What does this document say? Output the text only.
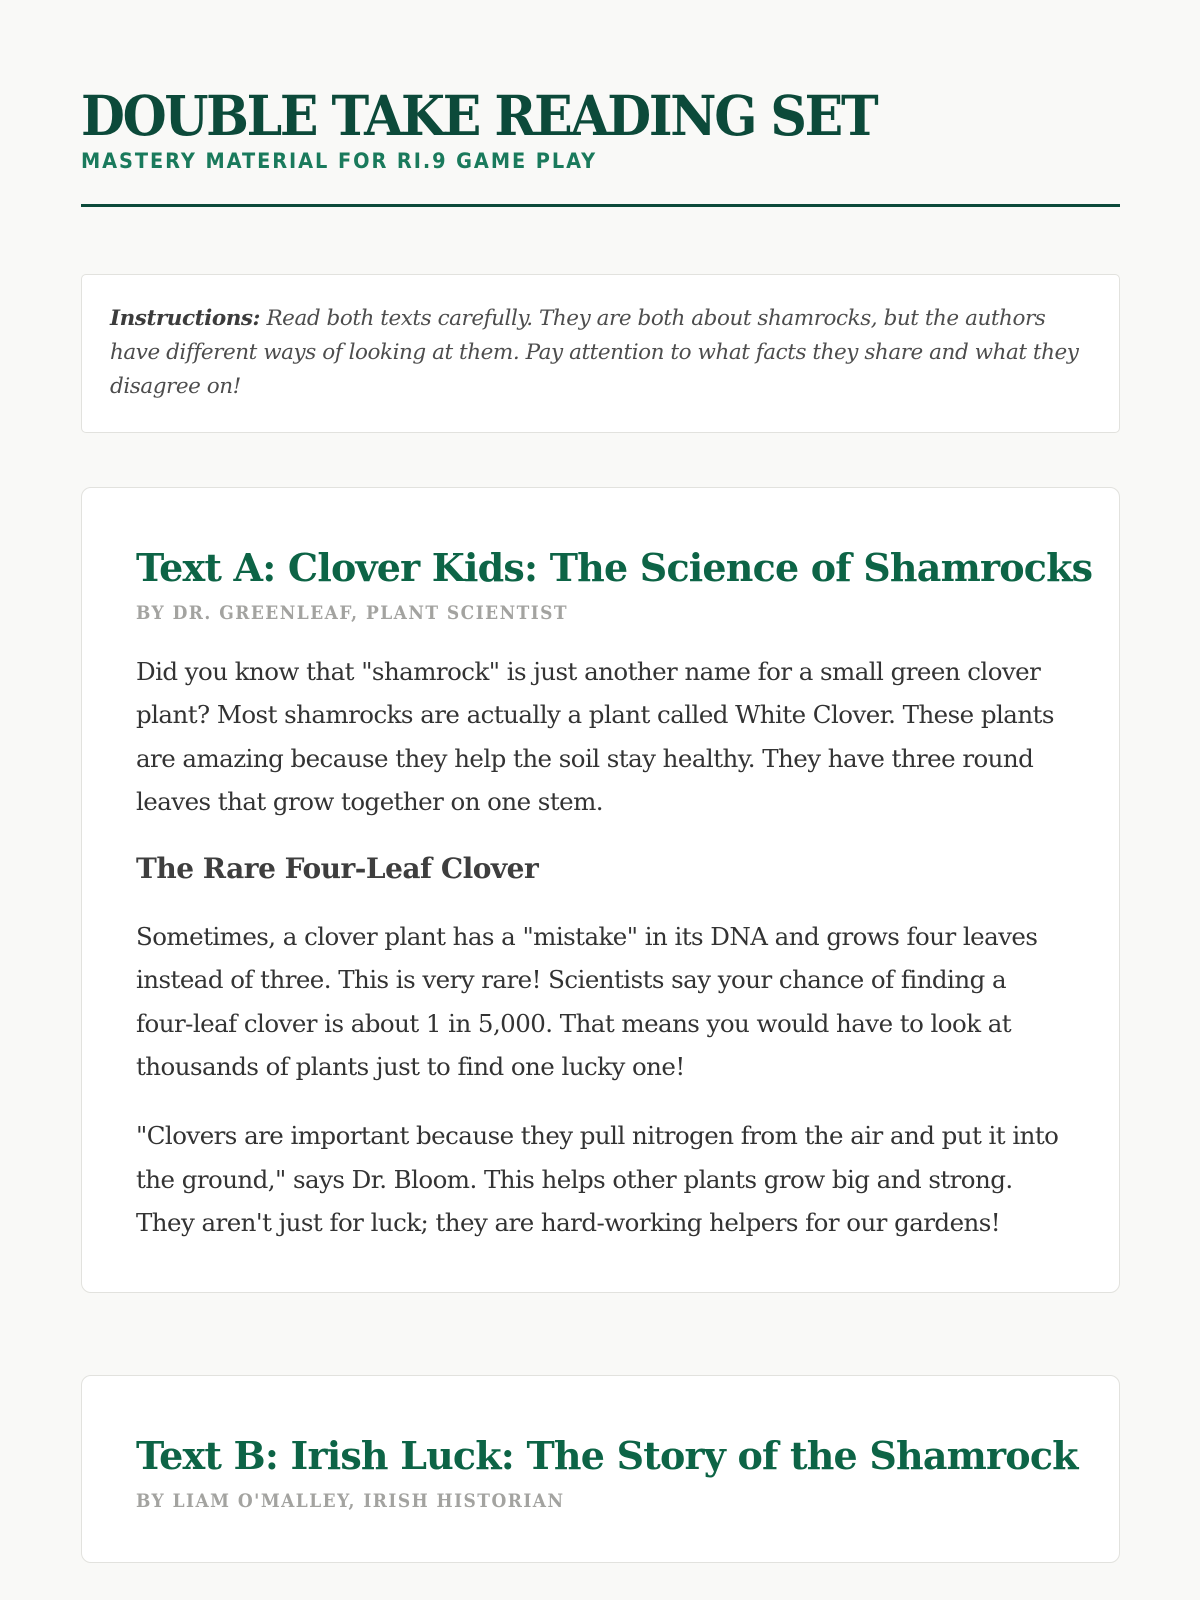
DOUBLE TAKE READING SET
MASTERY MATERIAL FOR RI.9 GAME PLAY
Instructions: Read both texts carefully. They are both about shamrocks, but the authors have different ways of looking at them. Pay attention to what facts they share and what they disagree on!
Text A: Clover Kids: The Science of Shamrocks
BY DR. GREENLEAF, PLANT SCIENTIST

Did you know that "shamrock" is just another name for a small green clover plant? Most shamrocks are actually a plant called White Clover. These plants are amazing because they help the soil stay healthy. They have three round leaves that grow together on one stem.

The Rare Four-Leaf Clover

Sometimes, a clover plant has a "mistake" in its DNA and grows four leaves instead of three. This is very rare! Scientists say your chance of finding a four-leaf clover is about 1 in 5,000. That means you would have to look at thousands of plants just to find one lucky one!

"Clovers are important because they pull nitrogen from the air and put it into the ground," says Dr. Bloom. This helps other plants grow big and strong. They aren't just for luck; they are hard-working helpers for our gardens!

Text B: Irish Luck: The Story of the Shamrock
BY LIAM O'MALLEY, IRISH HISTORIAN
